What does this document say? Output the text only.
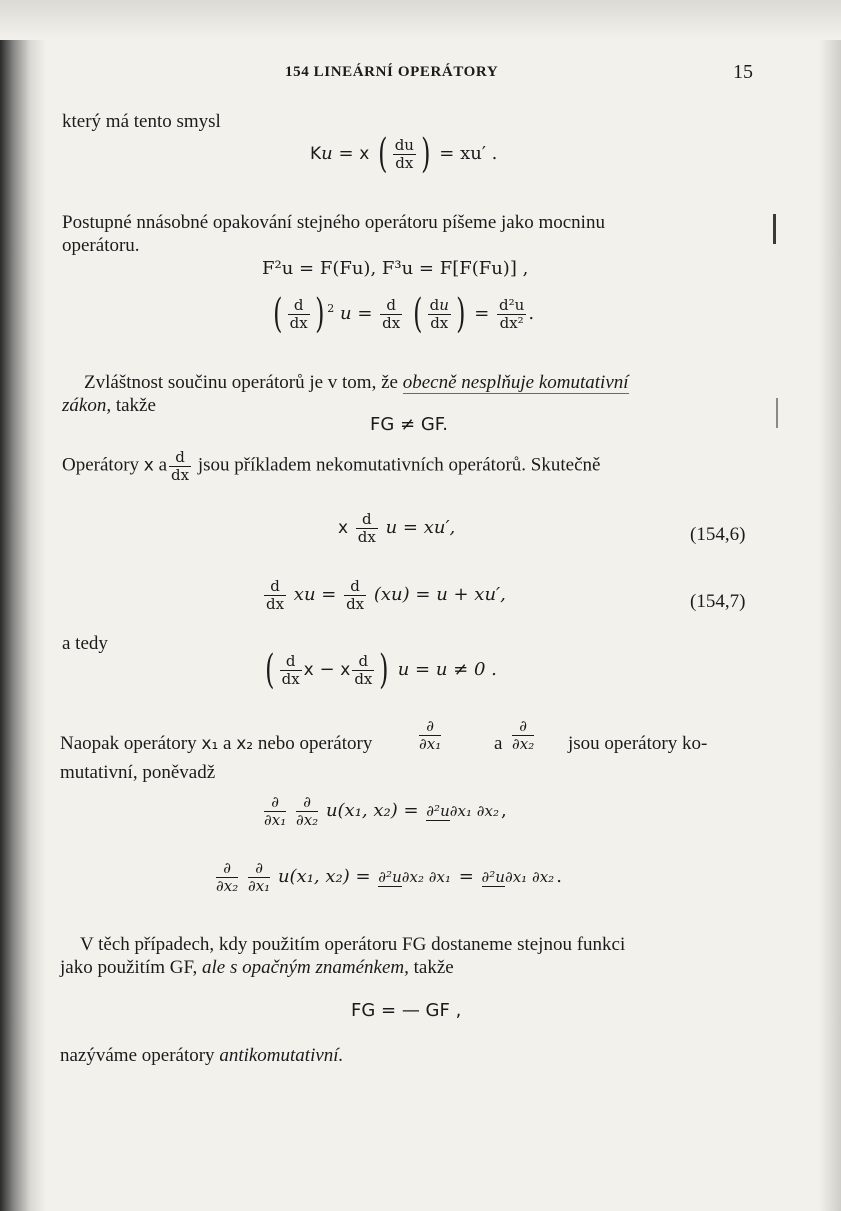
154 LINEÁRNÍ OPERÁTORY	15
který má tento smysl
Ku = x ( $\frac{du}{dx}$ ) = xu′ .
Postupné nnásobné opakování stejného operátoru píšeme jako mocninu
operátoru.
F²u = F(Fu), F³u = F[F(Fu)] ,
( $\frac{d}{dx}$ ) $^2$ $u = \frac{d}{dx}$ ( $\frac{du}{dx}$ ) = $\frac{\text{d²u}}{\text{dx²}}$ .
Zvláštnost součinu operátorů je v tom, že obecně nesplňuje komutativní
zákon, takže
FG ≠ GF.
Operátory x a $\frac{d}{dx}$ jsou příkladem nekomutativních operátorů. Skutečně
x $\frac{d}{dx}$ u = xu′,	(154,6)
$\frac{d}{dx}$ xu = $\frac{d}{dx} (xu) = u + xu'$,	(154,7)
a tedy
( $\frac{d}{dx}$ x − x $\frac{d}{dx}$ ) u = u ≠ 0 .
Naopak operátory x₁ a x₂ nebo operátory	$\frac{\partial}{\text{∂x₁}}$	a $\frac{\partial}{\text{∂x₂}}$ jsou operátory ko-
mutativní, poněvadž
$\frac{\partial}{\text{∂x₁}} \frac{\partial}{\text{∂x₂}} u(x_1$, x₂) = ∂²u∂x₁ ∂x₂ ,
$\frac{\partial}{\text{∂x₂}} \frac{\partial}{\text{∂x₁}} u(x_1$, x₂) = ∂²u∂x₂ ∂x₁ = ∂²u∂x₁ ∂x₂ .
V těch případech, kdy použitím operátoru FG dostaneme stejnou funkci
jako použitím GF, ale s opačným znaménkem, takže
FG = — GF ,
nazýváme operátory antikomutativní.
